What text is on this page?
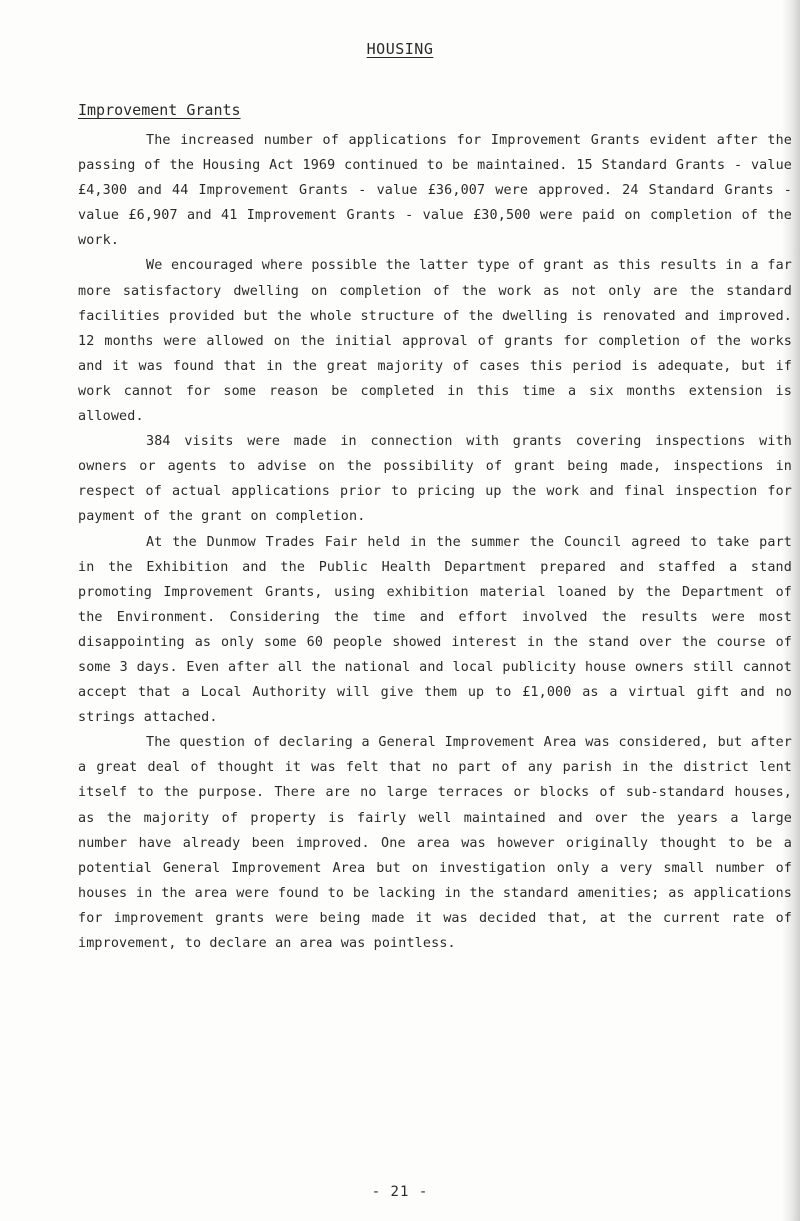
HOUSING
Improvement Grants

The increased number of applications for Improvement Grants evident after the passing of the Housing Act 1969 continued to be maintained. 15 Standard Grants - value £4,300 and 44 Improvement Grants - value £36,007 were approved. 24 Standard Grants - value £6,907 and 41 Improvement Grants - value £30,500 were paid on completion of the work.

We encouraged where possible the latter type of grant as this results in a far more satisfactory dwelling on completion of the work as not only are the standard facilities provided but the whole structure of the dwelling is renovated and improved. 12 months were allowed on the initial approval of grants for completion of the works and it was found that in the great majority of cases this period is adequate, but if work cannot for some reason be completed in this time a six months extension is allowed.

384 visits were made in connection with grants covering inspections with owners or agents to advise on the possibility of grant being made, inspections in respect of actual applications prior to pricing up the work and final inspection for payment of the grant on completion.

At the Dunmow Trades Fair held in the summer the Council agreed to take part in the Exhibition and the Public Health Department prepared and staffed a stand promoting Improvement Grants, using exhibition material loaned by the Department of the Environment. Considering the time and effort involved the results were most disappointing as only some 60 people showed interest in the stand over the course of some 3 days. Even after all the national and local publicity house owners still cannot accept that a Local Authority will give them up to £1,000 as a virtual gift and no strings attached.

The question of declaring a General Improvement Area was considered, but after a great deal of thought it was felt that no part of any parish in the district lent itself to the purpose. There are no large terraces or blocks of sub-standard houses, as the majority of property is fairly well maintained and over the years a large number have already been improved. One area was however originally thought to be a potential General Improvement Area but on investigation only a very small number of houses in the area were found to be lacking in the standard amenities; as applications for improvement grants were being made it was decided that, at the current rate of improvement, to declare an area was pointless.

- 21 -
